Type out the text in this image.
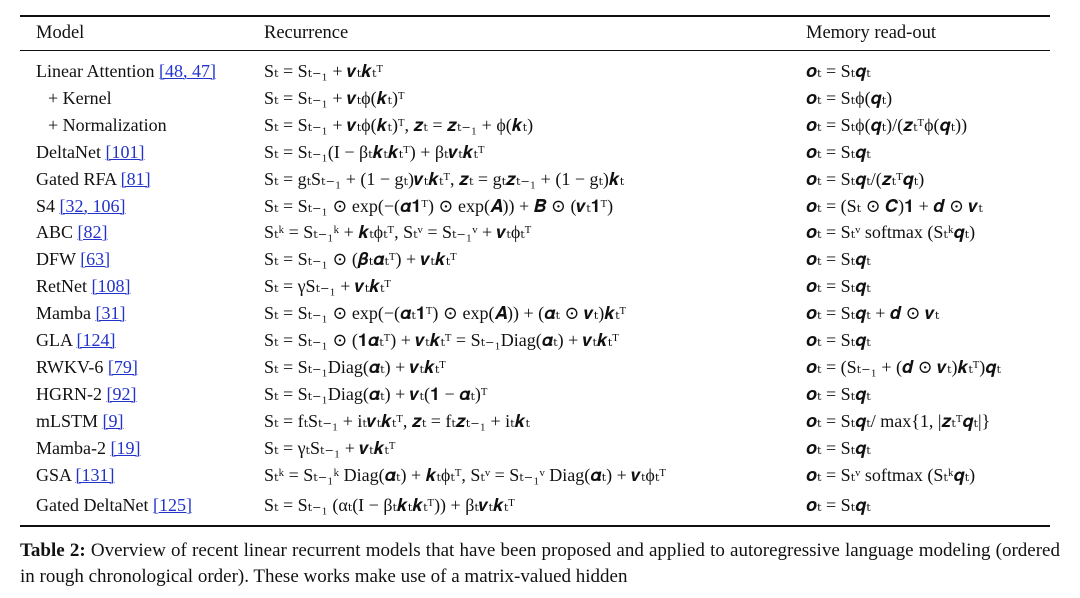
Model	Recurrence	Memory read-out
Linear Attention [48, 47]	Sₜ = Sₜ₋₁ + 𝒗ₜ𝒌ₜᵀ	𝒐ₜ = Sₜ𝒒ₜ
+ Kernel	Sₜ = Sₜ₋₁ + 𝒗ₜϕ(𝒌ₜ)ᵀ	𝒐ₜ = Sₜϕ(𝒒ₜ)
+ Normalization	Sₜ = Sₜ₋₁ + 𝒗ₜϕ(𝒌ₜ)ᵀ, 𝒛ₜ = 𝒛ₜ₋₁ + ϕ(𝒌ₜ)	𝒐ₜ = Sₜϕ(𝒒ₜ)/(𝒛ₜᵀϕ(𝒒ₜ))
DeltaNet [101]	Sₜ = Sₜ₋₁(I − βₜ𝒌ₜ𝒌ₜᵀ) + βₜ𝒗ₜ𝒌ₜᵀ	𝒐ₜ = Sₜ𝒒ₜ
Gated RFA [81]	Sₜ = gₜSₜ₋₁ + (1 − gₜ)𝒗ₜ𝒌ₜᵀ, 𝒛ₜ = gₜ𝒛ₜ₋₁ + (1 − gₜ)𝒌ₜ	𝒐ₜ = Sₜ𝒒ₜ/(𝒛ₜᵀ𝒒ₜ)
S4 [32, 106]	Sₜ = Sₜ₋₁ ⊙ exp(−(𝜶𝟏ᵀ) ⊙ exp(𝑨)) + 𝑩 ⊙ (𝒗ₜ𝟏ᵀ)	𝒐ₜ = (Sₜ ⊙ 𝑪)𝟏 + 𝒅 ⊙ 𝒗ₜ
ABC [82]	Sₜᵏ = Sₜ₋₁ᵏ + 𝒌ₜϕₜᵀ, Sₜᵛ = Sₜ₋₁ᵛ + 𝒗ₜϕₜᵀ	𝒐ₜ = Sₜᵛ softmax (Sₜᵏ𝒒ₜ)
DFW [63]	Sₜ = Sₜ₋₁ ⊙ (𝜷ₜ𝜶ₜᵀ) + 𝒗ₜ𝒌ₜᵀ	𝒐ₜ = Sₜ𝒒ₜ
RetNet [108]	Sₜ = γSₜ₋₁ + 𝒗ₜ𝒌ₜᵀ	𝒐ₜ = Sₜ𝒒ₜ
Mamba [31]	Sₜ = Sₜ₋₁ ⊙ exp(−(𝜶ₜ𝟏ᵀ) ⊙ exp(𝑨)) + (𝜶ₜ ⊙ 𝒗ₜ)𝒌ₜᵀ	𝒐ₜ = Sₜ𝒒ₜ + 𝒅 ⊙ 𝒗ₜ
GLA [124]	Sₜ = Sₜ₋₁ ⊙ (𝟏𝜶ₜᵀ) + 𝒗ₜ𝒌ₜᵀ = Sₜ₋₁Diag(𝜶ₜ) + 𝒗ₜ𝒌ₜᵀ	𝒐ₜ = Sₜ𝒒ₜ
RWKV-6 [79]	Sₜ = Sₜ₋₁Diag(𝜶ₜ) + 𝒗ₜ𝒌ₜᵀ	𝒐ₜ = (Sₜ₋₁ + (𝒅 ⊙ 𝒗ₜ)𝒌ₜᵀ)𝒒ₜ
HGRN-2 [92]	Sₜ = Sₜ₋₁Diag(𝜶ₜ) + 𝒗ₜ(𝟏 − 𝜶ₜ)ᵀ	𝒐ₜ = Sₜ𝒒ₜ
mLSTM [9]	Sₜ = fₜSₜ₋₁ + iₜ𝒗ₜ𝒌ₜᵀ, 𝒛ₜ = fₜ𝒛ₜ₋₁ + iₜ𝒌ₜ	𝒐ₜ = Sₜ𝒒ₜ/ max{1, |𝒛ₜᵀ𝒒ₜ|}
Mamba-2 [19]	Sₜ = γₜSₜ₋₁ + 𝒗ₜ𝒌ₜᵀ	𝒐ₜ = Sₜ𝒒ₜ
GSA [131]	Sₜᵏ = Sₜ₋₁ᵏ Diag(𝜶ₜ) + 𝒌ₜϕₜᵀ, Sₜᵛ = Sₜ₋₁ᵛ Diag(𝜶ₜ) + 𝒗ₜϕₜᵀ	𝒐ₜ = Sₜᵛ softmax (Sₜᵏ𝒒ₜ)
Gated DeltaNet [125]	Sₜ = Sₜ₋₁ (αₜ(I − βₜ𝒌ₜ𝒌ₜᵀ)) + βₜ𝒗ₜ𝒌ₜᵀ	𝒐ₜ = Sₜ𝒒ₜ
Table 2: Overview of recent linear recurrent models that have been proposed and applied to autoregressive language modeling (ordered in rough chronological order). These works make use of a matrix-valued hidden
